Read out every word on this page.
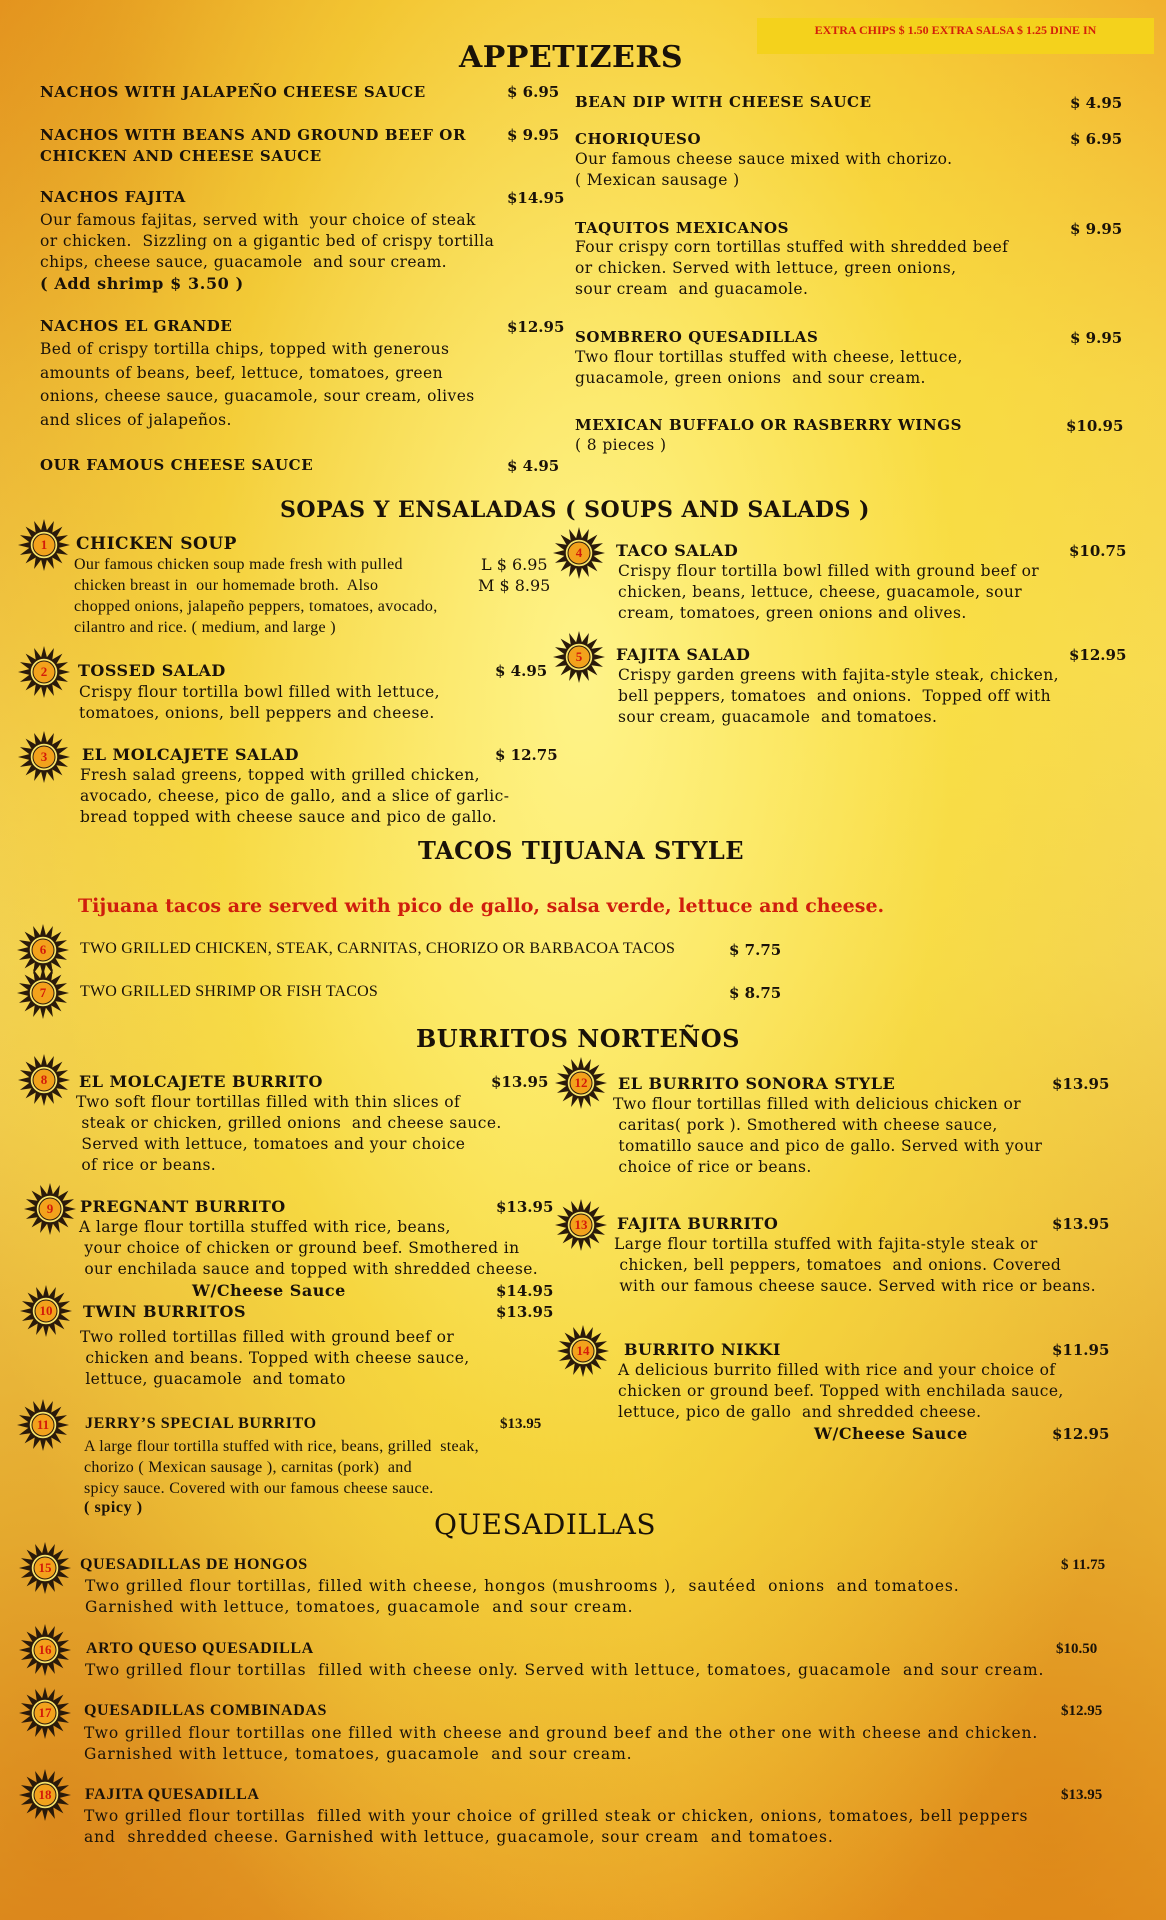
EXTRA CHIPS $ 1.50 EXTRA SALSA $ 1.25 DINE IN
APPETIZERS
NACHOS WITH JALAPEÑO CHEESE SAUCE	$ 6.95
NACHOS WITH BEANS AND GROUND BEEF OR
CHICKEN AND CHEESE SAUCE
$ 9.95
NACHOS FAJITA	$14.95
Our famous fajitas, served with  your choice of steak
or chicken.  Sizzling on a gigantic bed of crispy tortilla
chips, cheese sauce, guacamole  and sour cream.
( Add shrimp $ 3.50 )
NACHOS EL GRANDE	$12.95
Bed of crispy tortilla chips, topped with generous
amounts of beans, beef, lettuce, tomatoes, green
onions, cheese sauce, guacamole, sour cream, olives
and slices of jalapeños.
OUR FAMOUS CHEESE SAUCE	$ 4.95
BEAN DIP WITH CHEESE SAUCE	$ 4.95
CHORIQUESO	$ 6.95
Our famous cheese sauce mixed with chorizo.
( Mexican sausage )
TAQUITOS MEXICANOS	$ 9.95
Four crispy corn tortillas stuffed with shredded beef
or chicken. Served with lettuce, green onions,
sour cream  and guacamole.
SOMBRERO QUESADILLAS	$ 9.95
Two flour tortillas stuffed with cheese, lettuce,
guacamole, green onions  and sour cream.
MEXICAN BUFFALO OR RASBERRY WINGS	$10.95
( 8 pieces )
SOPAS Y ENSALADAS ( SOUPS AND SALADS )
1	CHICKEN SOUP
Our famous chicken soup made fresh with pulled
chicken breast in  our homemade broth.  Also
chopped onions, jalapeño peppers, tomatoes, avocado,
cilantro and rice. ( medium, and large )
L $ 6.95
M $ 8.95
2	TOSSED SALAD	$ 4.95
Crispy flour tortilla bowl filled with lettuce,
tomatoes, onions, bell peppers and cheese.
3	EL MOLCAJETE SALAD	$ 12.75
Fresh salad greens, topped with grilled chicken,
avocado, cheese, pico de gallo, and a slice of garlic-
bread topped with cheese sauce and pico de gallo.
4	TACO SALAD	$10.75
Crispy flour tortilla bowl filled with ground beef or
chicken, beans, lettuce, cheese, guacamole, sour
cream, tomatoes, green onions and olives.
5	FAJITA SALAD	$12.95
Crispy garden greens with fajita-style steak, chicken,
bell peppers, tomatoes  and onions.  Topped off with
sour cream, guacamole  and tomatoes.
TACOS TIJUANA STYLE
Tijuana tacos are served with pico de gallo, salsa verde, lettuce and cheese.
6	TWO GRILLED CHICKEN, STEAK, CARNITAS, CHORIZO OR BARBACOA TACOS	$ 7.75
7	TWO GRILLED SHRIMP OR FISH TACOS	$ 8.75
BURRITOS NORTEÑOS
8	EL MOLCAJETE BURRITO	$13.95
Two soft flour tortillas filled with thin slices of
steak or chicken, grilled onions  and cheese sauce.
Served with lettuce, tomatoes and your choice
of rice or beans.
9	PREGNANT BURRITO	$13.95
A large flour tortilla stuffed with rice, beans,
your choice of chicken or ground beef. Smothered in
our enchilada sauce and topped with shredded cheese.
W/Cheese Sauce	$14.95
10	TWIN BURRITOS	$13.95
Two rolled tortillas filled with ground beef or
chicken and beans. Topped with cheese sauce,
lettuce, guacamole  and tomato
11	JERRY’S SPECIAL BURRITO	$13.95
A large flour tortilla stuffed with rice, beans, grilled  steak,
chorizo ( Mexican sausage ), carnitas (pork)  and
spicy sauce. Covered with our famous cheese sauce.
( spicy )
12	EL BURRITO SONORA STYLE	$13.95
Two flour tortillas filled with delicious chicken or
caritas( pork ). Smothered with cheese sauce,
tomatillo sauce and pico de gallo. Served with your
choice of rice or beans.
13	FAJITA BURRITO	$13.95
Large flour tortilla stuffed with fajita-style steak or
chicken, bell peppers, tomatoes  and onions. Covered
with our famous cheese sauce. Served with rice or beans.
14	BURRITO NIKKI	$11.95
A delicious burrito filled with rice and your choice of
chicken or ground beef. Topped with enchilada sauce,
lettuce, pico de gallo  and shredded cheese.
W/Cheese Sauce	$12.95
QUESADILLAS
15	QUESADILLAS DE HONGOS	$ 11.75
Two grilled flour tortillas, filled with cheese, hongos (mushrooms ),  sautéed  onions  and tomatoes.
Garnished with lettuce, tomatoes, guacamole  and sour cream.
16	ARTO QUESO QUESADILLA	$10.50
Two grilled flour tortillas  filled with cheese only. Served with lettuce, tomatoes, guacamole  and sour cream.
17	QUESADILLAS COMBINADAS	$12.95
Two grilled flour tortillas one filled with cheese and ground beef and the other one with cheese and chicken.
Garnished with lettuce, tomatoes, guacamole  and sour cream.
18	FAJITA QUESADILLA	$13.95
Two grilled flour tortillas  filled with your choice of grilled steak or chicken, onions, tomatoes, bell peppers
and  shredded cheese. Garnished with lettuce, guacamole, sour cream  and tomatoes.
